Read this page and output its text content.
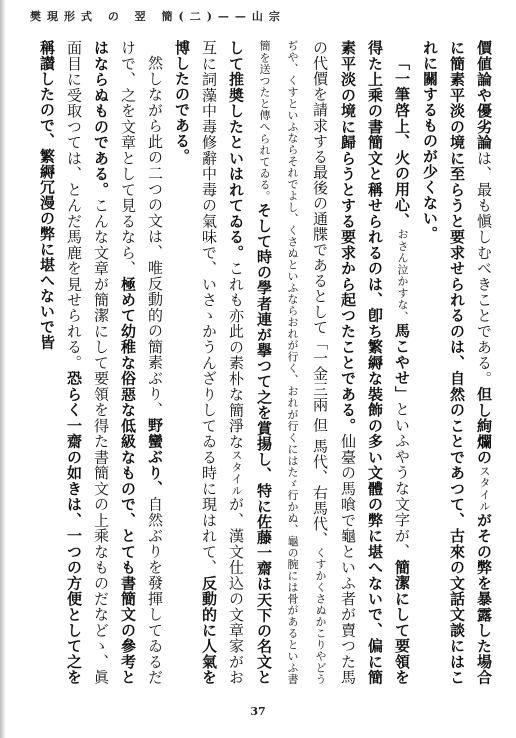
樊現形式 の 翌 簡(二)——山宗

價値論や優劣論は、最も愼しむべきことである。但し絢爛のスタイルがその弊を暴露した場合に簡素平淡の境に至らうと要求せられるのは、自然のことであつて、古來の文話文談にはこれに關するものが少くない。

「一筆啓上、火の用心、おさん泣かすな、馬こやせ」といふやうな文字が、簡潔にして要領を得た上乘の書簡文と稱せられるのは、卽ち繁縟な裝飾の多い文體の弊に堪へないで、偏に簡素平淡の境に歸らうとする要求から起つたことである。仙臺の馬喰で龜といふ者が賣つた馬の代價を請求する最後の通牒であるとして「一金三兩 但 馬代、右馬代、くすかくさぬかこりやどうぢや、くすといふならそれでよし、くさぬといふならおれが行く、おれが行くにはたゞ行かぬ、龜の腕には骨があるといふ書簡を送つたと傳へられてゐる。そして時の學者連が擧つて之を賞揚し、特に佐藤一齋は天下の名文として推奬したといはれてゐる。これも亦此の素朴な簡淨なスタイルが、漢文仕込の文章家がお互に詞藻中毒修辭中毒の氣味で、いさゝかうんざりしてゐる時に現はれて、反動的に人氣を博したのである。

然しながら此の二つの文は、唯反動的の簡素ぶり、野蠻ぶり、自然ぶりを發揮してゐるだけで、之を文章として見るなら、極めて幼稚な俗惡な低級なもので、とても書簡文の參考とはならぬものである。こんな文章が簡潔にして要領を得た書簡文の上乘なものだなどゝ、眞面目に受取つては、とんだ馬鹿を見せられる。恐らく一齋の如きは、一つの方便として之を稱讃したので、繁縟冗漫の弊に堪へないで皆

37
